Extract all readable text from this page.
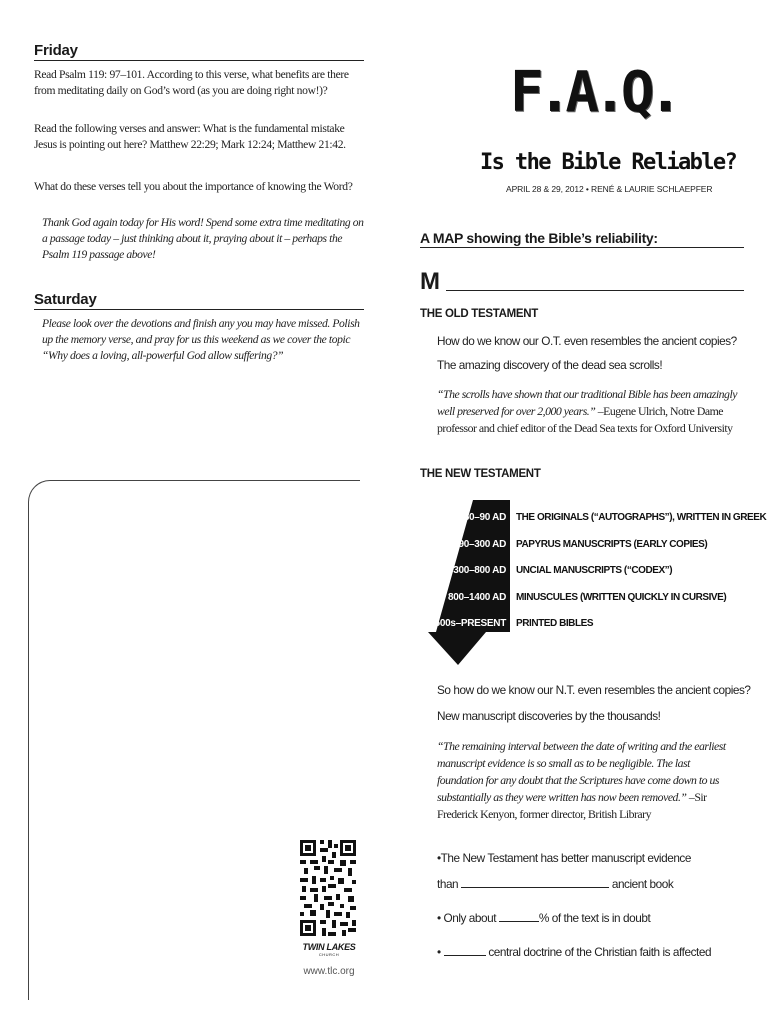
Friday

Read Psalm 119: 97–101. According to this verse, what benefits are there from meditating daily on God’s word (as you are doing right now!)?

Read the following verses and answer: What is the fundamental mistake Jesus is pointing out here? Matthew 22:29; Mark 12:24; Matthew 21:42.

What do these verses tell you about the importance of knowing the Word?

Thank God again today for His word! Spend some extra time meditating on a passage today – just thinking about it, praying about it – perhaps the Psalm 119 passage above!

Saturday

Please look over the devotions and finish any you may have missed. Polish up the memory verse, and pray for us this weekend as we cover the topic “Why does a loving, all-powerful God allow suffering?”

TWIN LAKES
CHURCH
www.tlc.org
F.A.Q.
Is the Bible Reliable?
APRIL 28 & 29, 2012 • RENÉ & LAURIE SCHLAEPFER
A MAP showing the Bible’s reliability:
M
THE OLD TESTAMENT
How do we know our O.T. even resembles the ancient copies?
The amazing discovery of the dead sea scrolls!

“The scrolls have shown that our traditional Bible has been amazingly well preserved for over 2,000 years.” –Eugene Ulrich, Notre Dame professor and chief editor of the Dead Sea texts for Oxford University

THE NEW TESTAMENT
50–90 AD THE ORIGINALS (“AUTOGRAPHS”), WRITTEN IN GREEK
90–300 AD PAPYRUS MANUSCRIPTS (EARLY COPIES)
300–800 AD UNCIAL MANUSCRIPTS (“CODEX”)
800–1400 AD MINUSCULES (WRITTEN QUICKLY IN CURSIVE)
1500s–PRESENT PRINTED BIBLES
So how do we know our N.T. even resembles the ancient copies?
New manuscript discoveries by the thousands!

“The remaining interval between the date of writing and the earliest manuscript evidence is so small as to be negligible. The last foundation for any doubt that the Scriptures have come down to us substantially as they were written has now been removed.” –Sir Frederick Kenyon, former director, British Library

•The New Testament has better manuscript evidence
than	ancient book
• Only about	% of the text is in doubt
•	central doctrine of the Christian faith is affected
